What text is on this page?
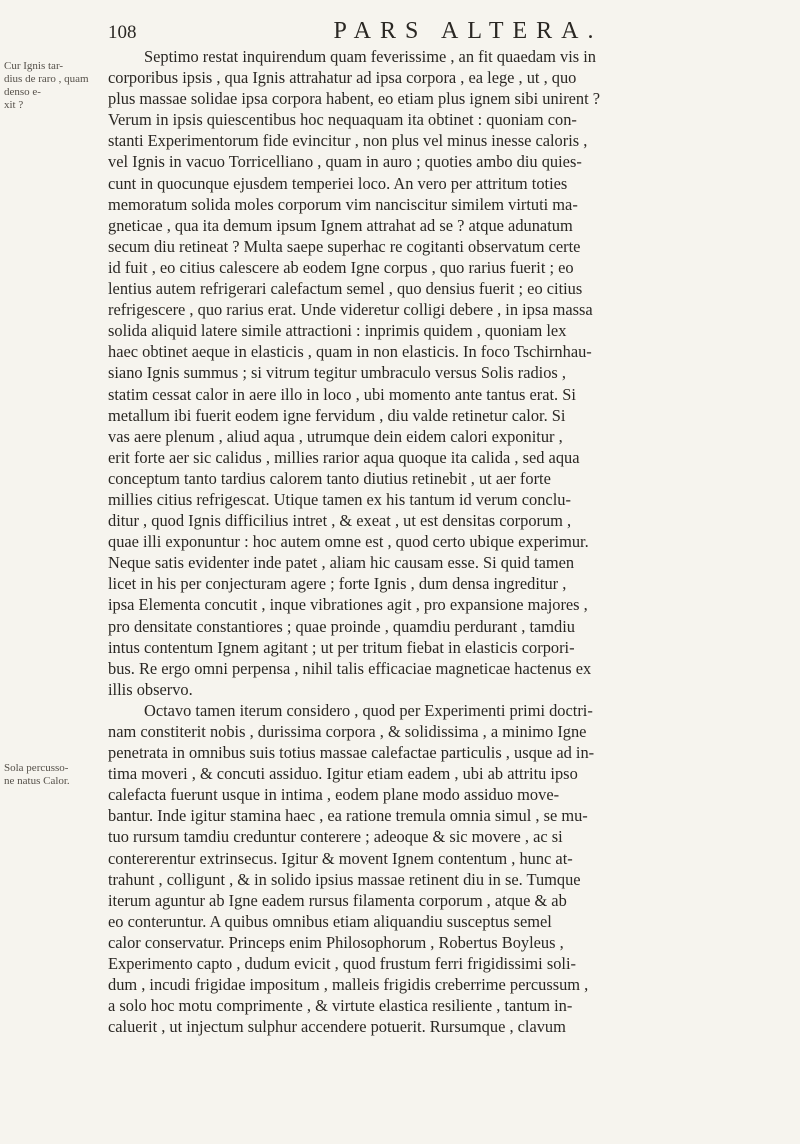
108	PARS ALTERA.
Cur Ignis tar-
dius de raro , quam denso e-
xit ?
Sola percusso-
ne natus Calor.
Septimo restat inquirendum quam feverissime , an fit quaedam vis in
corporibus ipsis , qua Ignis attrahatur ad ipsa corpora , ea lege , ut , quo
plus massae solidae ipsa corpora habent, eo etiam plus ignem sibi unirent ?
Verum in ipsis quiescentibus hoc nequaquam ita obtinet : quoniam con-
stanti Experimentorum fide evincitur , non plus vel minus inesse caloris ,
vel Ignis in vacuo Torricelliano , quam in auro ; quoties ambo diu quies-
cunt in quocunque ejusdem temperiei loco. An vero per attritum toties
memoratum solida moles corporum vim nanciscitur similem virtuti ma-
gneticae , qua ita demum ipsum Ignem attrahat ad se ? atque adunatum
secum diu retineat ? Multa saepe superhac re cogitanti observatum certe
id fuit , eo citius calescere ab eodem Igne corpus , quo rarius fuerit ; eo
lentius autem refrigerari calefactum semel , quo densius fuerit ; eo citius
refrigescere , quo rarius erat. Unde videretur colligi debere , in ipsa massa
solida aliquid latere simile attractioni : inprimis quidem , quoniam lex
haec obtinet aeque in elasticis , quam in non elasticis. In foco Tschirnhau-
siano Ignis summus ; si vitrum tegitur umbraculo versus Solis radios ,
statim cessat calor in aere illo in loco , ubi momento ante tantus erat. Si
metallum ibi fuerit eodem igne fervidum , diu valde retinetur calor. Si
vas aere plenum , aliud aqua , utrumque dein eidem calori exponitur ,
erit forte aer sic calidus , millies rarior aqua quoque ita calida , sed aqua
conceptum tanto tardius calorem tanto diutius retinebit , ut aer forte
millies citius refrigescat. Utique tamen ex his tantum id verum conclu-
ditur , quod Ignis difficilius intret , & exeat , ut est densitas corporum ,
quae illi exponuntur : hoc autem omne est , quod certo ubique experimur.
Neque satis evidenter inde patet , aliam hic causam esse. Si quid tamen
licet in his per conjecturam agere ; forte Ignis , dum densa ingreditur ,
ipsa Elementa concutit , inque vibrationes agit , pro expansione majores ,
pro densitate constantiores ; quae proinde , quamdiu perdurant , tamdiu
intus contentum Ignem agitant ; ut per tritum fiebat in elasticis corpori-
bus. Re ergo omni perpensa , nihil talis efficaciae magneticae hactenus ex
illis observo.
Octavo tamen iterum considero , quod per Experimenti primi doctri-
nam constiterit nobis , durissima corpora , & solidissima , a minimo Igne
penetrata in omnibus suis totius massae calefactae particulis , usque ad in-
tima moveri , & concuti assiduo. Igitur etiam eadem , ubi ab attritu ipso
calefacta fuerunt usque in intima , eodem plane modo assiduo move-
bantur. Inde igitur stamina haec , ea ratione tremula omnia simul , se mu-
tuo rursum tamdiu creduntur conterere ; adeoque & sic movere , ac si
contererentur extrinsecus. Igitur & movent Ignem contentum , hunc at-
trahunt , colligunt , & in solido ipsius massae retinent diu in se. Tumque
iterum aguntur ab Igne eadem rursus filamenta corporum , atque & ab
eo conteruntur. A quibus omnibus etiam aliquandiu susceptus semel
calor conservatur. Princeps enim Philosophorum , Robertus Boyleus ,
Experimento capto , dudum evicit , quod frustum ferri frigidissimi soli-
dum , incudi frigidae impositum , malleis frigidis creberrime percussum ,
a solo hoc motu comprimente , & virtute elastica resiliente , tantum in-
caluerit , ut injectum sulphur accendere potuerit. Rursumque , clavum
